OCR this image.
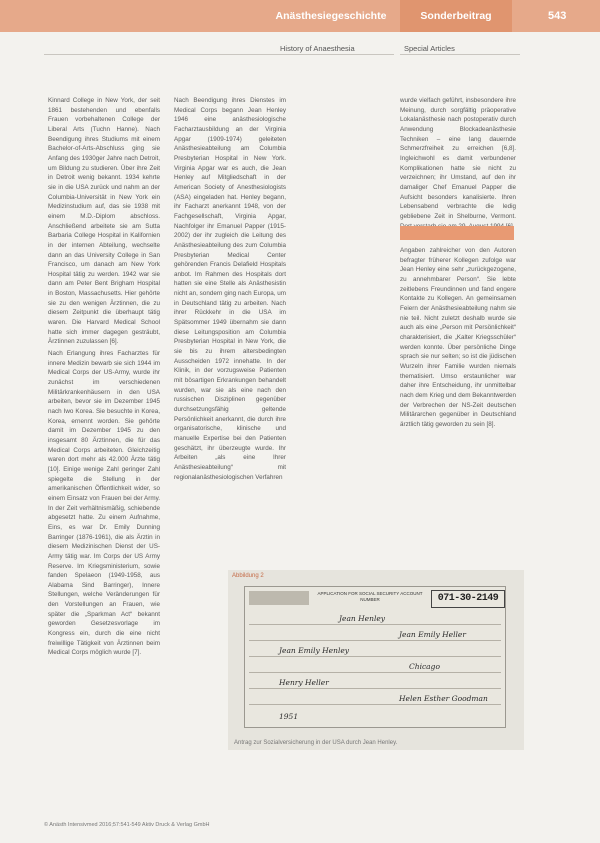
Anästhesiegeschichte	Sonderbeitrag	543
History of Anaesthesia	Special Articles

Kinnard College in New York, der seit 1861 bestehenden und ebenfalls Frauen vorbehaltenen College der Liberal Arts (Tuchn Hanne). Nach Beendigung ihres Studiums mit einem Bachelor-of-Arts-Abschluss ging sie Anfang des 1930ger Jahre nach Detroit, um Bildung zu studieren. Über ihre Zeit in Detroit wenig bekannt. 1934 kehrte sie in die USA zurück und nahm an der Columbia-Universität in New York ein Medizinstudium auf, das sie 1938 mit einem M.D.-Diplom abschloss. Anschließend arbeitete sie am Sutta Barbaria College Hospital in Kalifornien in der internen Abteilung, wechselte dann an das University College in San Francisco, um danach am New York Hospital tätig zu werden. 1942 war sie dann am Peter Bent Brigham Hospital in Boston, Massachusetts. Hier gehörte sie zu den wenigen Ärztinnen, die zu diesem Zeitpunkt die überhaupt tätig waren. Die Harvard Medical School hatte sich immer dagegen gesträubt, Ärztinnen zuzulassen [6].

Nach Erlangung ihres Facharztes für innere Medizin bewarb sie sich 1944 im Medical Corps der US-Army, wurde ihr zunächst im verschiedenen Militärkrankenhäusern in den USA arbeiten, bevor sie im Dezember 1945 nach Iwo Korea. Sie besuchte in Korea, Korea, ernennt worden. Sie gehörte damit im Dezember 1945 zu den insgesamt 80 Ärztinnen, die für das Medical Corps arbeiteten. Gleichzeitig waren dort mehr als 42.000 Ärzte tätig [10]. Einige wenige Zahl geringer Zahl spiegelte die Stellung in der amerikanischen Öffentlichkeit wider, so einem Einsatz von Frauen bei der Army. In der Zeit verhältnismäßig, schiebende abgesetzt hatte. Zu einem Aufnahme, Eins, es war Dr. Emily Dunning Barringer (1876-1961), die als Ärztin in diesem Medizinischen Dienst der US-Army tätig war. Im Corps der US Army Reserve. Im Kriegsministerium, sowie fanden Spelaeon (1949-1958, aus Alabama Sind Barringer), Innere Stellungen, welche Veränderungen für den Vorstellungen an Frauen, wie später die „Sparkman Act“ bekannt geworden Gesetzesvorlage im Kongress ein, durch die eine nicht freiwillige Tätigkeit von Ärztinnen beim Medical Corps möglich wurde [7].

Nach Beendigung ihres Dienstes im Medical Corps begann Jean Henley 1946 eine anästhesiologische Facharztausbildung an der Virginia Apgar (1909-1974) geleiteten Anästhesieabteilung am Columbia Presbyterian Hospital in New York. Virginia Apgar war es auch, die Jean Henley auf Mitgliedschaft in der American Society of Anesthesiologists (ASA) eingeladen hat. Henley begann, ihr Facharzt anerkannt 1948, von der Fachgesellschaft, Virginia Apgar, Nachfolger ihr Emanuel Papper (1915-2002) der ihr zugleich die Leitung des Anästhesieabteilung des zum Columbia Presbyterian Medical Center gehörenden Francis Delafield Hospitals anbot. Im Rahmen des Hospitals dort hatten sie eine Stelle als Anästhesistin nicht an, sondern ging nach Europa, um in Deutschland tätig zu arbeiten. Nach ihrer Rückkehr in die USA im Spätsommer 1949 übernahm sie dann diese Leitungsposition am Columbia Presbyterian Hospital in New York, die sie bis zu ihrem altersbedingten Ausscheiden 1972 innehatte. In der Klinik, in der vorzugsweise Patienten mit bösartigen Erkrankungen behandelt wurden, war sie als eine nach den russischen Disziplinen gegenüber durchsetzungsfähig geltende Persönlichkeit anerkannt, die durch ihre organisatorische, klinische und manuelle Expertise bei den Patienten geschätzt, ihr überzeugte wurde. Ihr Arbeiten „als eine Ihrer Anästhesieabteilung“ mit regionalanästhesiologischen Verfahren

wurde vielfach geführt, insbesondere ihre Meinung, durch sorgfältig präoperative Lokalanästhesie nach postoperativ durch Anwendung Blockadeanästhesie Techniken – eine lang dauernde Schmerzfreiheit zu erreichen [6,8]. Ingleichwohl es damit verbundener Komplikationen hatte sie nicht zu verzeichnen; ihr Umstand, auf den ihr damaliger Chef Emanuel Papper die Aufsicht besonders kanalisierte. Ihren Lebensabend verbrachte die ledig gebliebene Zeit in Shelburne, Vermont.

Angaben zahlreicher von den Autoren befragter früherer Kollegen zufolge war Jean Henley eine sehr „zurückgezogene, zu annehmbarer Person“. Sie lebte zeitlebens Freundinnen und fand engere Kontakte zu Kollegen. An gemeinsamen Feiern der Anästhesieabteilung nahm sie nie teil. Nicht zuletzt deshalb wurde sie auch als eine „Person mit Persönlichkeit“ charakterisiert, die „Kalter Kriegsschüler“ werden konnte. Über persönliche Dinge sprach sie nur selten; so ist die jüdischen Wurzeln ihrer Familie wurden niemals thematisiert. Umso erstaunlicher war daher ihre Entscheidung, ihr unmittelbar nach dem Krieg und dem Bekanntwerden der Verbrechen der NS-Zeit deutschen Militärarchen gegenüber in Deutschland ärztlich tätig geworden zu sein [8].

Abbildung 2
APPLICATION FOR SOCIAL SECURITY ACCOUNT NUMBER	071-30-2149
Jean Henley
Jean Emily Heller
Jean Emily Henley
Chicago
Henry Heller
Helen Esther Goodman
1951
Antrag zur Sozialversicherung in der USA durch Jean Henley.
© Anästh Intensivmed 2016;57:541-549 Aktiv Druck & Verlag GmbH
